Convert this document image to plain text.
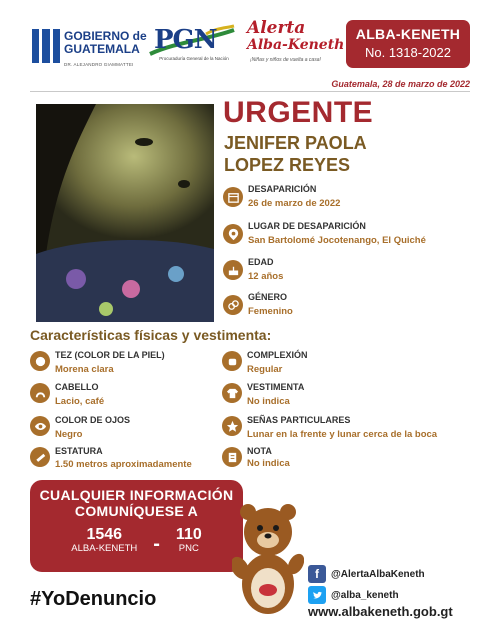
GOBIERNO de
GUATEMALA
DR. ALEJANDRO GIAMMATTEI
PGN
Procuraduría General de la Nación
Alerta
Alba-Keneth
¡Niñas y niños de vuelta a casa!
ALBA-KENETH
No. 1318-2022
Guatemala, 28 de marzo de 2022
URGENTE
JENIFER PAOLA
LOPEZ REYES
DESAPARICIÓN
26 de marzo de 2022
LUGAR DE DESAPARICIÓN
San Bartolomé Jocotenango, El Quiché
EDAD
12 años
GÉNERO
Femenino
Características físicas y vestimenta:
TEZ (COLOR DE LA PIEL)
Morena clara
CABELLO
Lacio, café
COLOR DE OJOS
Negro
ESTATURA
1.50 metros aproximadamente
COMPLEXIÓN
Regular
VESTIMENTA
No indica
SEÑAS PARTICULARES
Lunar en la frente y lunar cerca de la boca
NOTA
No indica
CUALQUIER INFORMACIÓN
COMUNÍQUESE A
1546
ALBA-KENETH - 110
PNC
#YoDenuncio
f	@AlertaAlbaKeneth
@alba_keneth
www.albakeneth.gob.gt
